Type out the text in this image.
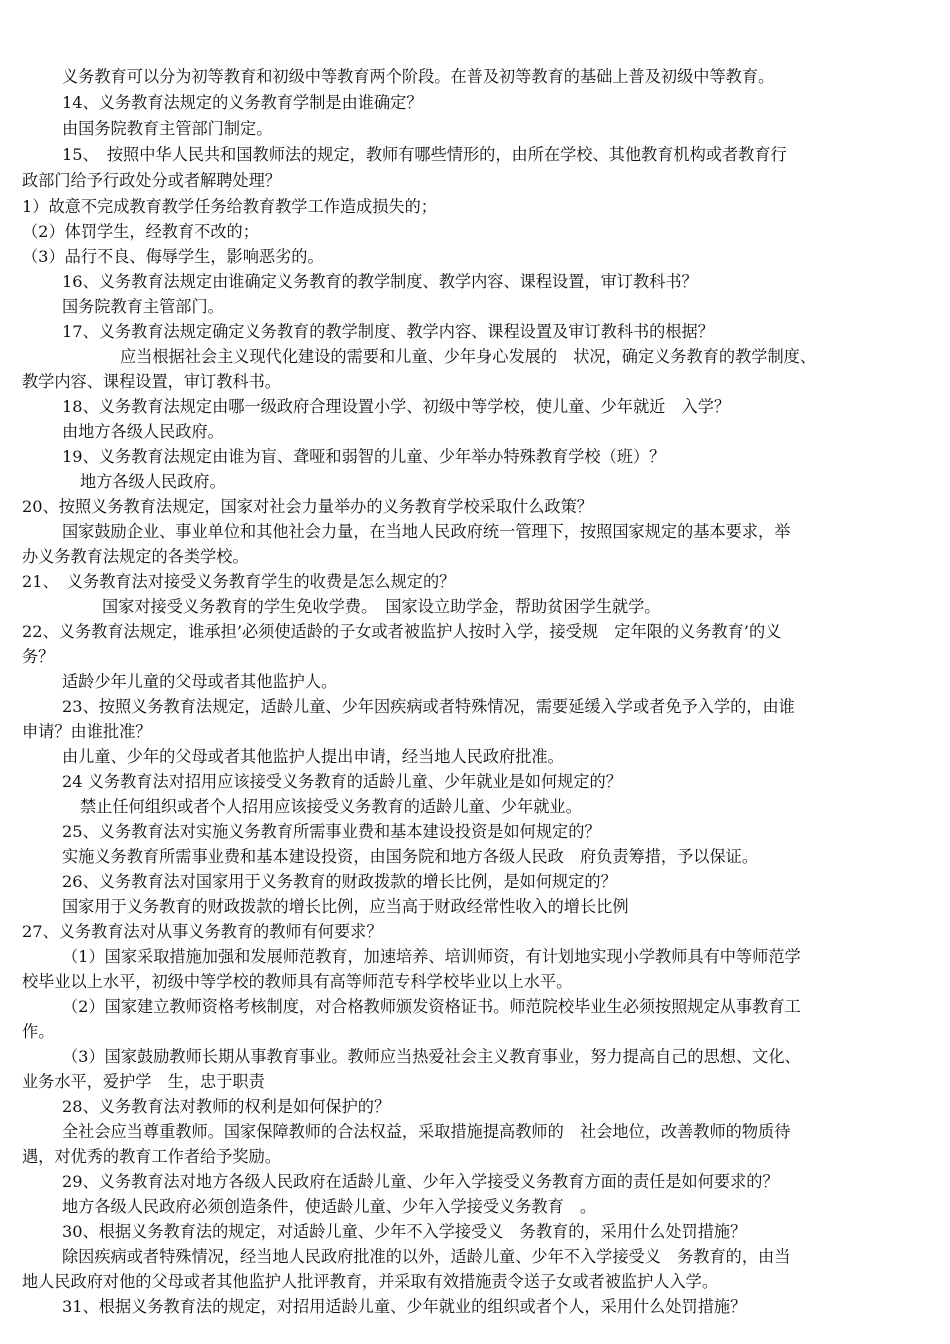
义务教育可以分为初等教育和初级中等教育两个阶段。在普及初等教育的基础上普及初级中等教育。
14、义务教育法规定的义务教育学制是由谁确定？
由国务院教育主管部门制定。
15、　按照中华人民共和国教师法的规定，教师有哪些情形的，由所在学校、其他教育机构或者教育行
政部门给予行政处分或者解聘处理？
1）故意不完成教育教学任务给教育教学工作造成损失的；
（2）体罚学生，经教育不改的；
（3）品行不良、侮辱学生，影响恶劣的。
16、义务教育法规定由谁确定义务教育的教学制度、教学内容、课程设置，审订教科书？
国务院教育主管部门。
17、义务教育法规定确定义务教育的教学制度、教学内容、课程设置及审订教科书的根据？
应当根据社会主义现代化建设的需要和儿童、少年身心发展的　状况，确定义务教育的教学制度、
教学内容、课程设置，审订教科书。
18、义务教育法规定由哪一级政府合理设置小学、初级中等学校，使儿童、少年就近　入学？
由地方各级人民政府。
19、义务教育法规定由谁为盲、聋哑和弱智的儿童、少年举办特殊教育学校（班）？
地方各级人民政府。
20、按照义务教育法规定，国家对社会力量举办的义务教育学校采取什么政策？
国家鼓励企业、事业单位和其他社会力量，在当地人民政府统一管理下，按照国家规定的基本要求，举
办义务教育法规定的各类学校。
21、　义务教育法对接受义务教育学生的收费是怎么规定的？
国家对接受义务教育的学生免收学费。　国家设立助学金，帮助贫困学生就学。
22、义务教育法规定，谁承担’必须使适龄的子女或者被监护人按时入学，接受规　定年限的义务教育’的义
务？
适龄少年儿童的父母或者其他监护人。
23、按照义务教育法规定，适龄儿童、少年因疾病或者特殊情况，需要延缓入学或者免予入学的，由谁
申请？由谁批准？
由儿童、少年的父母或者其他监护人提出申请，经当地人民政府批准。
24 义务教育法对招用应该接受义务教育的适龄儿童、少年就业是如何规定的？
禁止任何组织或者个人招用应该接受义务教育的适龄儿童、少年就业。
25、义务教育法对实施义务教育所需事业费和基本建设投资是如何规定的？
实施义务教育所需事业费和基本建设投资，由国务院和地方各级人民政　府负责筹措，予以保证。
26、义务教育法对国家用于义务教育的财政拨款的增长比例，是如何规定的？
国家用于义务教育的财政拨款的增长比例，应当高于财政经常性收入的增长比例
27、义务教育法对从事义务教育的教师有何要求？
（1）国家采取措施加强和发展师范教育，加速培养、培训师资，有计划地实现小学教师具有中等师范学
校毕业以上水平，初级中等学校的教师具有高等师范专科学校毕业以上水平。
（2）国家建立教师资格考核制度，对合格教师颁发资格证书。师范院校毕业生必须按照规定从事教育工
作。
（3）国家鼓励教师长期从事教育事业。教师应当热爱社会主义教育事业，努力提高自己的思想、文化、
业务水平，爱护学　生，忠于职责
28、义务教育法对教师的权利是如何保护的？
全社会应当尊重教师。国家保障教师的合法权益，采取措施提高教师的　社会地位，改善教师的物质待
遇，对优秀的教育工作者给予奖励。
29、义务教育法对地方各级人民政府在适龄儿童、少年入学接受义务教育方面的责任是如何要求的？
地方各级人民政府必须创造条件，使适龄儿童、少年入学接受义务教育　。
30、根据义务教育法的规定，对适龄儿童、少年不入学接受义　务教育的，采用什么处罚措施？
除因疾病或者特殊情况，经当地人民政府批准的以外，适龄儿童、少年不入学接受义　务教育的，由当
地人民政府对他的父母或者其他监护人批评教育，并采取有效措施责令送子女或者被监护人入学。
31、根据义务教育法的规定，对招用适龄儿童、少年就业的组织或者个人，采用什么处罚措施？
